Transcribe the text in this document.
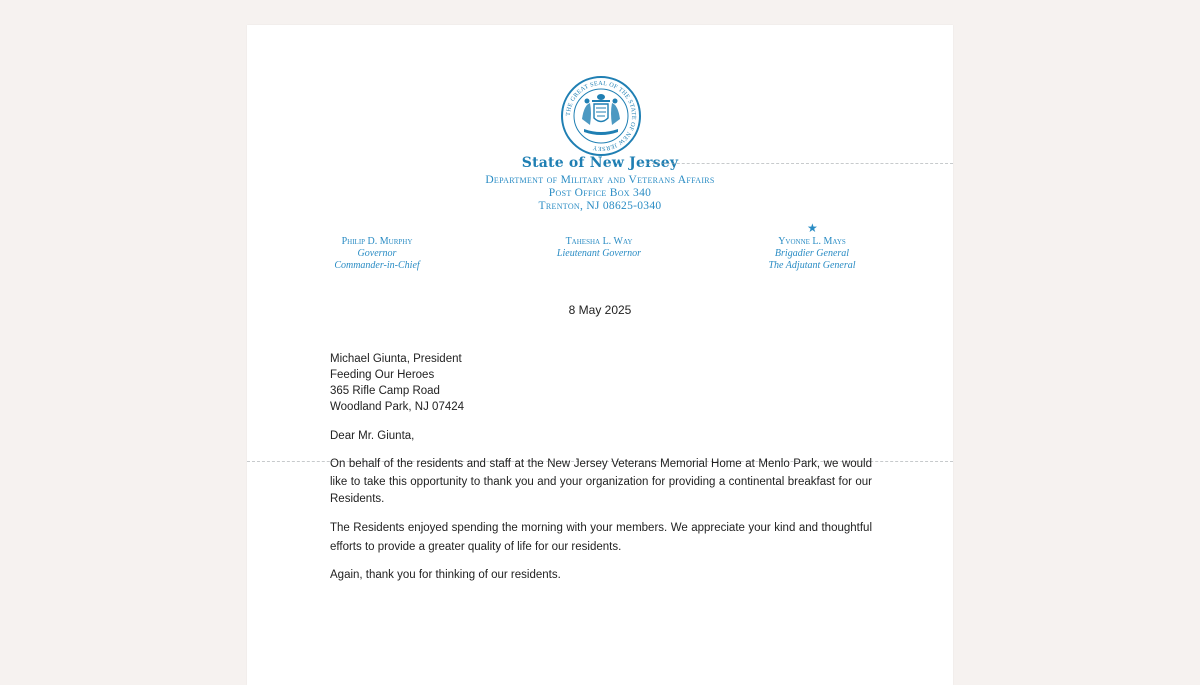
THE GREAT SEAL OF THE STATE OF NEW JERSEY
State of New Jersey
Department of Military and Veterans Affairs
Post Office Box 340
Trenton, NJ 08625-0340
Philip D. Murphy
Governor
Commander-in-Chief
Tahesha L. Way
Lieutenant Governor
★
Yvonne L. Mays
Brigadier General
The Adjutant General
8 May 2025
Michael Giunta, President
Feeding Our Heroes
365 Rifle Camp Road
Woodland Park, NJ 07424
Dear Mr. Giunta,
On behalf of the residents and staff at the New Jersey Veterans Memorial Home at Menlo Park, we would like to take this opportunity to thank you and your organization for providing a continental breakfast for our Residents.
The Residents enjoyed spending the morning with your members. We appreciate your kind and thoughtful efforts to provide a greater quality of life for our residents.
Again, thank you for thinking of our residents.
